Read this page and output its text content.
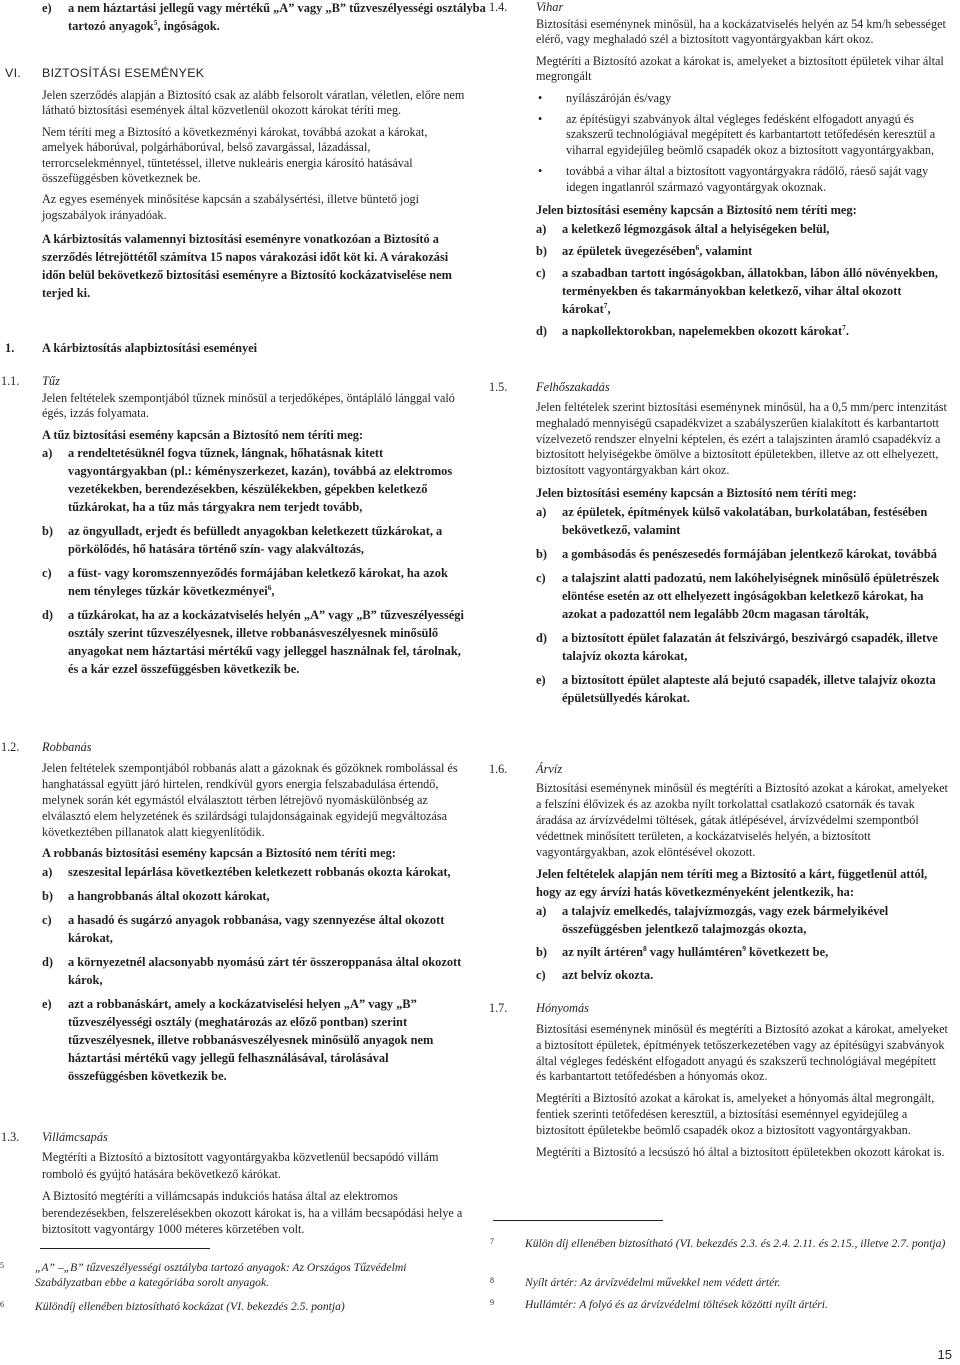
e) a nem háztartási jellegű vagy mértékű „A” vagy „B” tűzveszélyességi osztályba tartozó anyagok$^5$, ingóságok.
VI. BIZTOSÍTÁSI ESEMÉNYEK

Jelen szerződés alapján a Biztosító csak az alább felsorolt váratlan, véletlen, előre nem látható biztosítási események által közvetlenül okozott károkat téríti meg.

Nem téríti meg a Biztosító a következményi károkat, továbbá azokat a károkat, amelyek háborúval, polgárháborúval, belső zavargással, lázadással, terrorcselekménnyel, tüntetéssel, illetve nukleáris energia károsító hatásával összefüggésben következnek be.

Az egyes események minősítése kapcsán a szabálysértési, illetve büntető jogi jogszabályok irányadóak.

A kárbiztosítás valamennyi biztosítási eseményre vonatkozóan a Biztosító a szerződés létrejöttétől számítva 15 napos várakozási időt köt ki. A várakozási időn belül bekövetkező biztosítási eseményre a Biztosító kockázatviselése nem terjed ki.

1. A kárbiztosítás alapbiztosítási eseményei
1.1. Tűz

Jelen feltételek szempontjából tűznek minősül a terjedőképes, öntápláló lánggal való égés, izzás folyamata.

A tűz biztosítási esemény kapcsán a Biztosító nem téríti meg:

a) a rendeltetésüknél fogva tűznek, lángnak, hőhatásnak kitett vagyontárgyakban (pl.: kéményszerkezet, kazán), továbbá az elektromos vezetékekben, berendezésekben, készülékekben, gépekben keletkező tűzkárokat, ha a tűz más tárgyakra nem terjedt tovább,
b) az öngyulladt, erjedt és befülledt anyagokban keletkezett tűzkárokat, a pörkölődés, hő hatására történő szín- vagy alakváltozás,
c) a füst- vagy koromszennyeződés formájában keletkező károkat, ha azok nem tényleges tűzkár következményei$^6$,
d) a tűzkárokat, ha az a kockázatviselés helyén „A” vagy „B” tűzveszélyességi osztály szerint tűzveszélyesnek, illetve robbanásveszélyesnek minősülő anyagokat nem háztartási mértékű vagy jelleggel használnak fel, tárolnak, és a kár ezzel összefüggésben következik be.
1.2. Robbanás

Jelen feltételek szempontjából robbanás alatt a gázoknak és gőzöknek rombolással és hanghatással együtt járó hirtelen, rendkívül gyors energia felszabadulása értendő, melynek során két egymástól elválasztott térben létrejövő nyomáskülönbség az elválasztó elem helyzetének és szilárdsági tulajdonságainak egyidejű megváltozása következtében pillanatok alatt kiegyenlítődik.

A robbanás biztosítási esemény kapcsán a Biztosító nem téríti meg:

a) szeszesital lepárlása következtében keletkezett robbanás okozta károkat,
b) a hangrobbanás által okozott károkat,
c) a hasadó és sugárzó anyagok robbanása, vagy szennyezése által okozott károkat,
d) a környezetnél alacsonyabb nyomású zárt tér összeroppanása által okozott károk,
e) azt a robbanáskárt, amely a kockázatviselési helyen „A” vagy „B” tűzveszélyességi osztály (meghatározás az előző pontban) szerint tűzveszélyesnek, illetve robbanásveszélyesnek minősülő anyagok nem háztartási mértékű vagy jellegű felhasználásával, tárolásával összefüggésben következik be.
1.3. Villámcsapás

Megtéríti a Biztosító a biztosított vagyontárgyakba közvetlenül becsapódó villám romboló és gyújtó hatására bekövetkező kárókat.

A Biztosító megtéríti a villámcsapás indukciós hatása által az elektromos berendezésekben, felszerelésekben okozott károkat is, ha a villám becsapódási helye a biztosított vagyontárgy 1000 méteres körzetében volt.

5	„A” –„B” tűzveszélyességi osztályba tartozó anyagok: Az Országos Tűzvédelmi Szabályzatban ebbe a kategóriába sorolt anyagok.
6	Különdíj ellenében biztosítható kockázat (VI. bekezdés 2.5. pontja)
1.4. Vihar

Biztosítási eseménynek minősül, ha a kockázatviselés helyén az 54 km/h sebességet elérő, vagy meghaladó szél a biztosított vagyontárgyakban kárt okoz.

Megtéríti a Biztosító azokat a károkat is, amelyeket a biztosított épületek vihar által megrongált

• nyílászáróján és/vagy
• az építésügyi szabványok által végleges fedésként elfogadott anyagú és szakszerű technológiával megépített és karbantartott tetőfedésén keresztül a viharral egyidejűleg beömlő csapadék okoz a biztosított vagyontárgyakban,
• továbbá a vihar által a biztosított vagyontárgyakra rádőlő, ráeső saját vagy idegen ingatlanról származó vagyontárgyak okoznak.

Jelen biztosítási esemény kapcsán a Biztosító nem téríti meg:

a) a keletkező légmozgások által a helyiségeken belül,
b) az épületek üvegezésében$^6$, valamint
c) a szabadban tartott ingóságokban, állatokban, lábon álló növényekben, terményekben és takarmányokban keletkező, vihar által okozott károkat$^7$,
d) a napkollektorokban, napelemekben okozott károkat$^7$.
1.5. Felhőszakadás

Jelen feltételek szerint biztosítási eseménynek minősül, ha a 0,5 mm/perc intenzitást meghaladó mennyiségű csapadékvizet a szabályszerűen kialakított és karbantartott vízelvezető rendszer elnyelni képtelen, és ezért a talajszinten áramló csapadékvíz a biztosított helyiségekbe ömölve a biztosított épületekben, illetve az ott elhelyezett, biztosított vagyontárgyakban kárt okoz.

Jelen biztosítási esemény kapcsán a Biztosító nem téríti meg:

a) az épületek, építmények külső vakolatában, burkolatában, festésében bekövetkező, valamint
b) a gombásodás és penészesedés formájában jelentkező károkat, továbbá
c) a talajszint alatti padozatú, nem lakóhelyiségnek minősülő épületrészek elöntése esetén az ott elhelyezett ingóságokban keletkező károkat, ha azokat a padozattól nem legalább 20cm magasan tárolták,
d) a biztosított épület falazatán át felszivárgó, beszivárgó csapadék, illetve talajvíz okozta károkat,
e) a biztosított épület alapteste alá bejutó csapadék, illetve talajvíz okozta épületsüllyedés károkat.
1.6. Árvíz

Biztosítási eseménynek minősül és megtéríti a Biztosító azokat a károkat, amelyeket a felszíni élővizek és az azokba nyílt torkolattal csatlakozó csatornák és tavak áradása az árvízvédelmi töltések, gátak átlépésével, árvízvédelmi szempontból védettnek minősített területen, a kockázatviselés helyén, a biztosított vagyontárgyakban, azok elöntésével okozott.

Jelen feltételek alapján nem téríti meg a Biztosító a kárt, függetlenül attól, hogy az egy árvízi hatás következményeként jelentkezik, ha:

a) a talajvíz emelkedés, talajvízmozgás, vagy ezek bármelyikével összefüggésben jelentkező talajmozgás okozta,
b) az nyílt ártéren$^8$ vagy hullámtéren$^9$ következett be,
c) azt belvíz okozta.
1.7. Hónyomás

Biztosítási eseménynek minősül és megtéríti a Biztosító azokat a károkat, amelyeket a biztosított épületek, építmények tetőszerkezetében vagy az építésügyi szabványok által végleges fedésként elfogadott anyagú és szakszerű technológiával megépített és karbantartott tetőfedésben a hónyomás okoz.

Megtéríti a Biztosító azokat a károkat is, amelyeket a hónyomás által megrongált, fentiek szerinti tetőfedésen keresztül, a biztosítási eseménnyel egyidejűleg a biztosított épületekbe beömlő csapadék okoz a biztosított vagyontárgyakban.

Megtéríti a Biztosító a lecsúszó hó által a biztosított épületekben okozott károkat is.

7	Külön díj ellenében biztosítható (VI. bekezdés 2.3. és 2.4. 2.11. és 2.15., illetve 2.7. pontja)
8	Nyílt ártér: Az árvízvédelmi művekkel nem védett ártér.
9	Hullámtér: A folyó és az árvízvédelmi töltések közötti nyílt ártéri.
15
